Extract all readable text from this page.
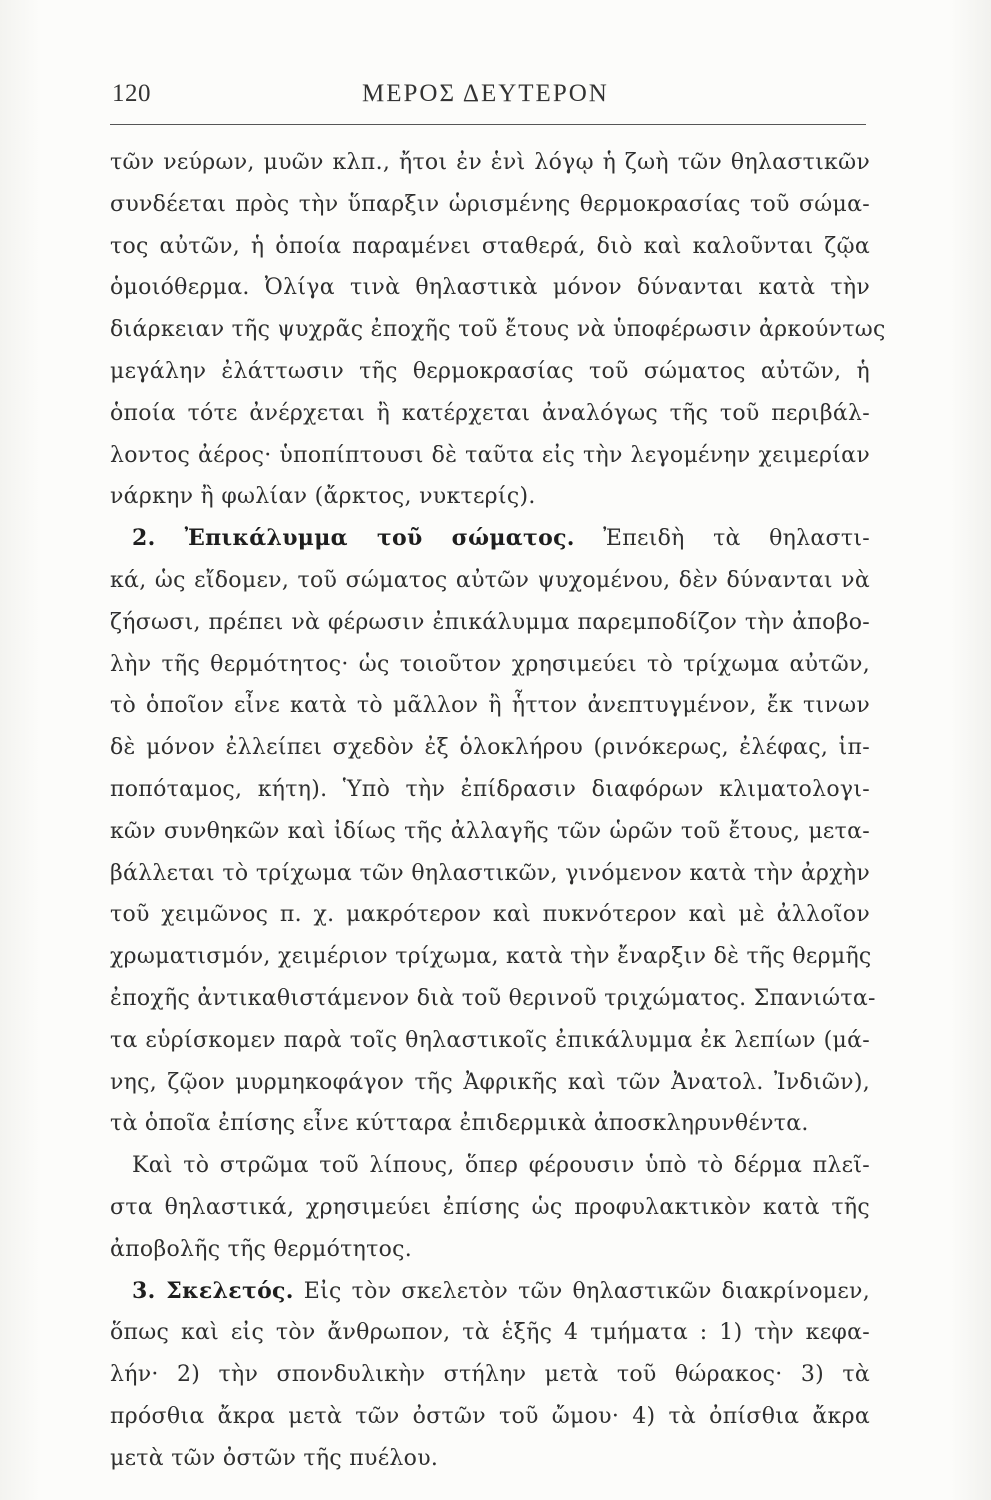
120	ΜΕΡΟΣ ΔΕΥΤΕΡΟΝ
τῶν νεύρων, μυῶν κλπ., ἤτοι ἐν ἑνὶ λόγῳ ἡ ζωὴ τῶν θηλαστικῶν
συνδέεται πρὸς τὴν ὕπαρξιν ὡρισμένης θερμοκρασίας τοῦ σώμα-
τος αὐτῶν, ἡ ὁποία παραμένει σταθερά, διὸ καὶ καλοῦνται ζῷα
ὁμοιόθερμα. Ὀλίγα τινὰ θηλαστικὰ μόνον δύνανται κατὰ τὴν
διάρκειαν τῆς ψυχρᾶς ἐποχῆς τοῦ ἔτους νὰ ὑποφέρωσιν ἀρκούντως
μεγάλην ἐλάττωσιν τῆς θερμοκρασίας τοῦ σώματος αὐτῶν, ἡ
ὁποία τότε ἀνέρχεται ἢ κατέρχεται ἀναλόγως τῆς τοῦ περιβάλ-
λοντος ἀέρος· ὑποπίπτουσι δὲ ταῦτα εἰς τὴν λεγομένην χειμερίαν
νάρκην ἢ φωλίαν (ἄρκτος, νυκτερίς).
2. Ἐπικάλυμμα τοῦ σώματος. Ἐπειδὴ τὰ θηλαστι-
κά, ὡς εἴδομεν, τοῦ σώματος αὐτῶν ψυχομένου, δὲν δύνανται νὰ
ζήσωσι, πρέπει νὰ φέρωσιν ἐπικάλυμμα παρεμποδίζον τὴν ἀποβο-
λὴν τῆς θερμότητος· ὡς τοιοῦτον χρησιμεύει τὸ τρίχωμα αὐτῶν,
τὸ ὁποῖον εἶνε κατὰ τὸ μᾶλλον ἢ ἧττον ἀνεπτυγμένον, ἔκ τινων
δὲ μόνον ἐλλείπει σχεδὸν ἐξ ὁλοκλήρου (ρινόκερως, ἐλέφας, ἱπ-
ποπόταμος, κήτη). Ὑπὸ τὴν ἐπίδρασιν διαφόρων κλιματολογι-
κῶν συνθηκῶν καὶ ἰδίως τῆς ἀλλαγῆς τῶν ὡρῶν τοῦ ἔτους, μετα-
βάλλεται τὸ τρίχωμα τῶν θηλαστικῶν, γινόμενον κατὰ τὴν ἀρχὴν
τοῦ χειμῶνος π. χ. μακρότερον καὶ πυκνότερον καὶ μὲ ἀλλοῖον
χρωματισμόν, χειμέριον τρίχωμα, κατὰ τὴν ἔναρξιν δὲ τῆς θερμῆς
ἐποχῆς ἀντικαθιστάμενον διὰ τοῦ θερινοῦ τριχώματος. Σπανιώτα-
τα εὑρίσκομεν παρὰ τοῖς θηλαστικοῖς ἐπικάλυμμα ἐκ λεπίων (μά-
νης, ζῷον μυρμηκοφάγον τῆς Ἀφρικῆς καὶ τῶν Ἀνατολ. Ἰνδιῶν),
τὰ ὁποῖα ἐπίσης εἶνε κύτταρα ἐπιδερμικὰ ἀποσκληρυνθέντα.
Καὶ τὸ στρῶμα τοῦ λίπους, ὅπερ φέρουσιν ὑπὸ τὸ δέρμα πλεῖ-
στα θηλαστικά, χρησιμεύει ἐπίσης ὡς προφυλακτικὸν κατὰ τῆς
ἀποβολῆς τῆς θερμότητος.
3. Σκελετός. Εἰς τὸν σκελετὸν τῶν θηλαστικῶν διακρίνομεν,
ὅπως καὶ εἰς τὸν ἄνθρωπον, τὰ ἑξῆς 4 τμήματα : 1) τὴν κεφα-
λήν· 2) τὴν σπονδυλικὴν στήλην μετὰ τοῦ θώρακος· 3) τὰ
πρόσθια ἄκρα μετὰ τῶν ὀστῶν τοῦ ὤμου· 4) τὰ ὀπίσθια ἄκρα
μετὰ τῶν ὀστῶν τῆς πυέλου.
